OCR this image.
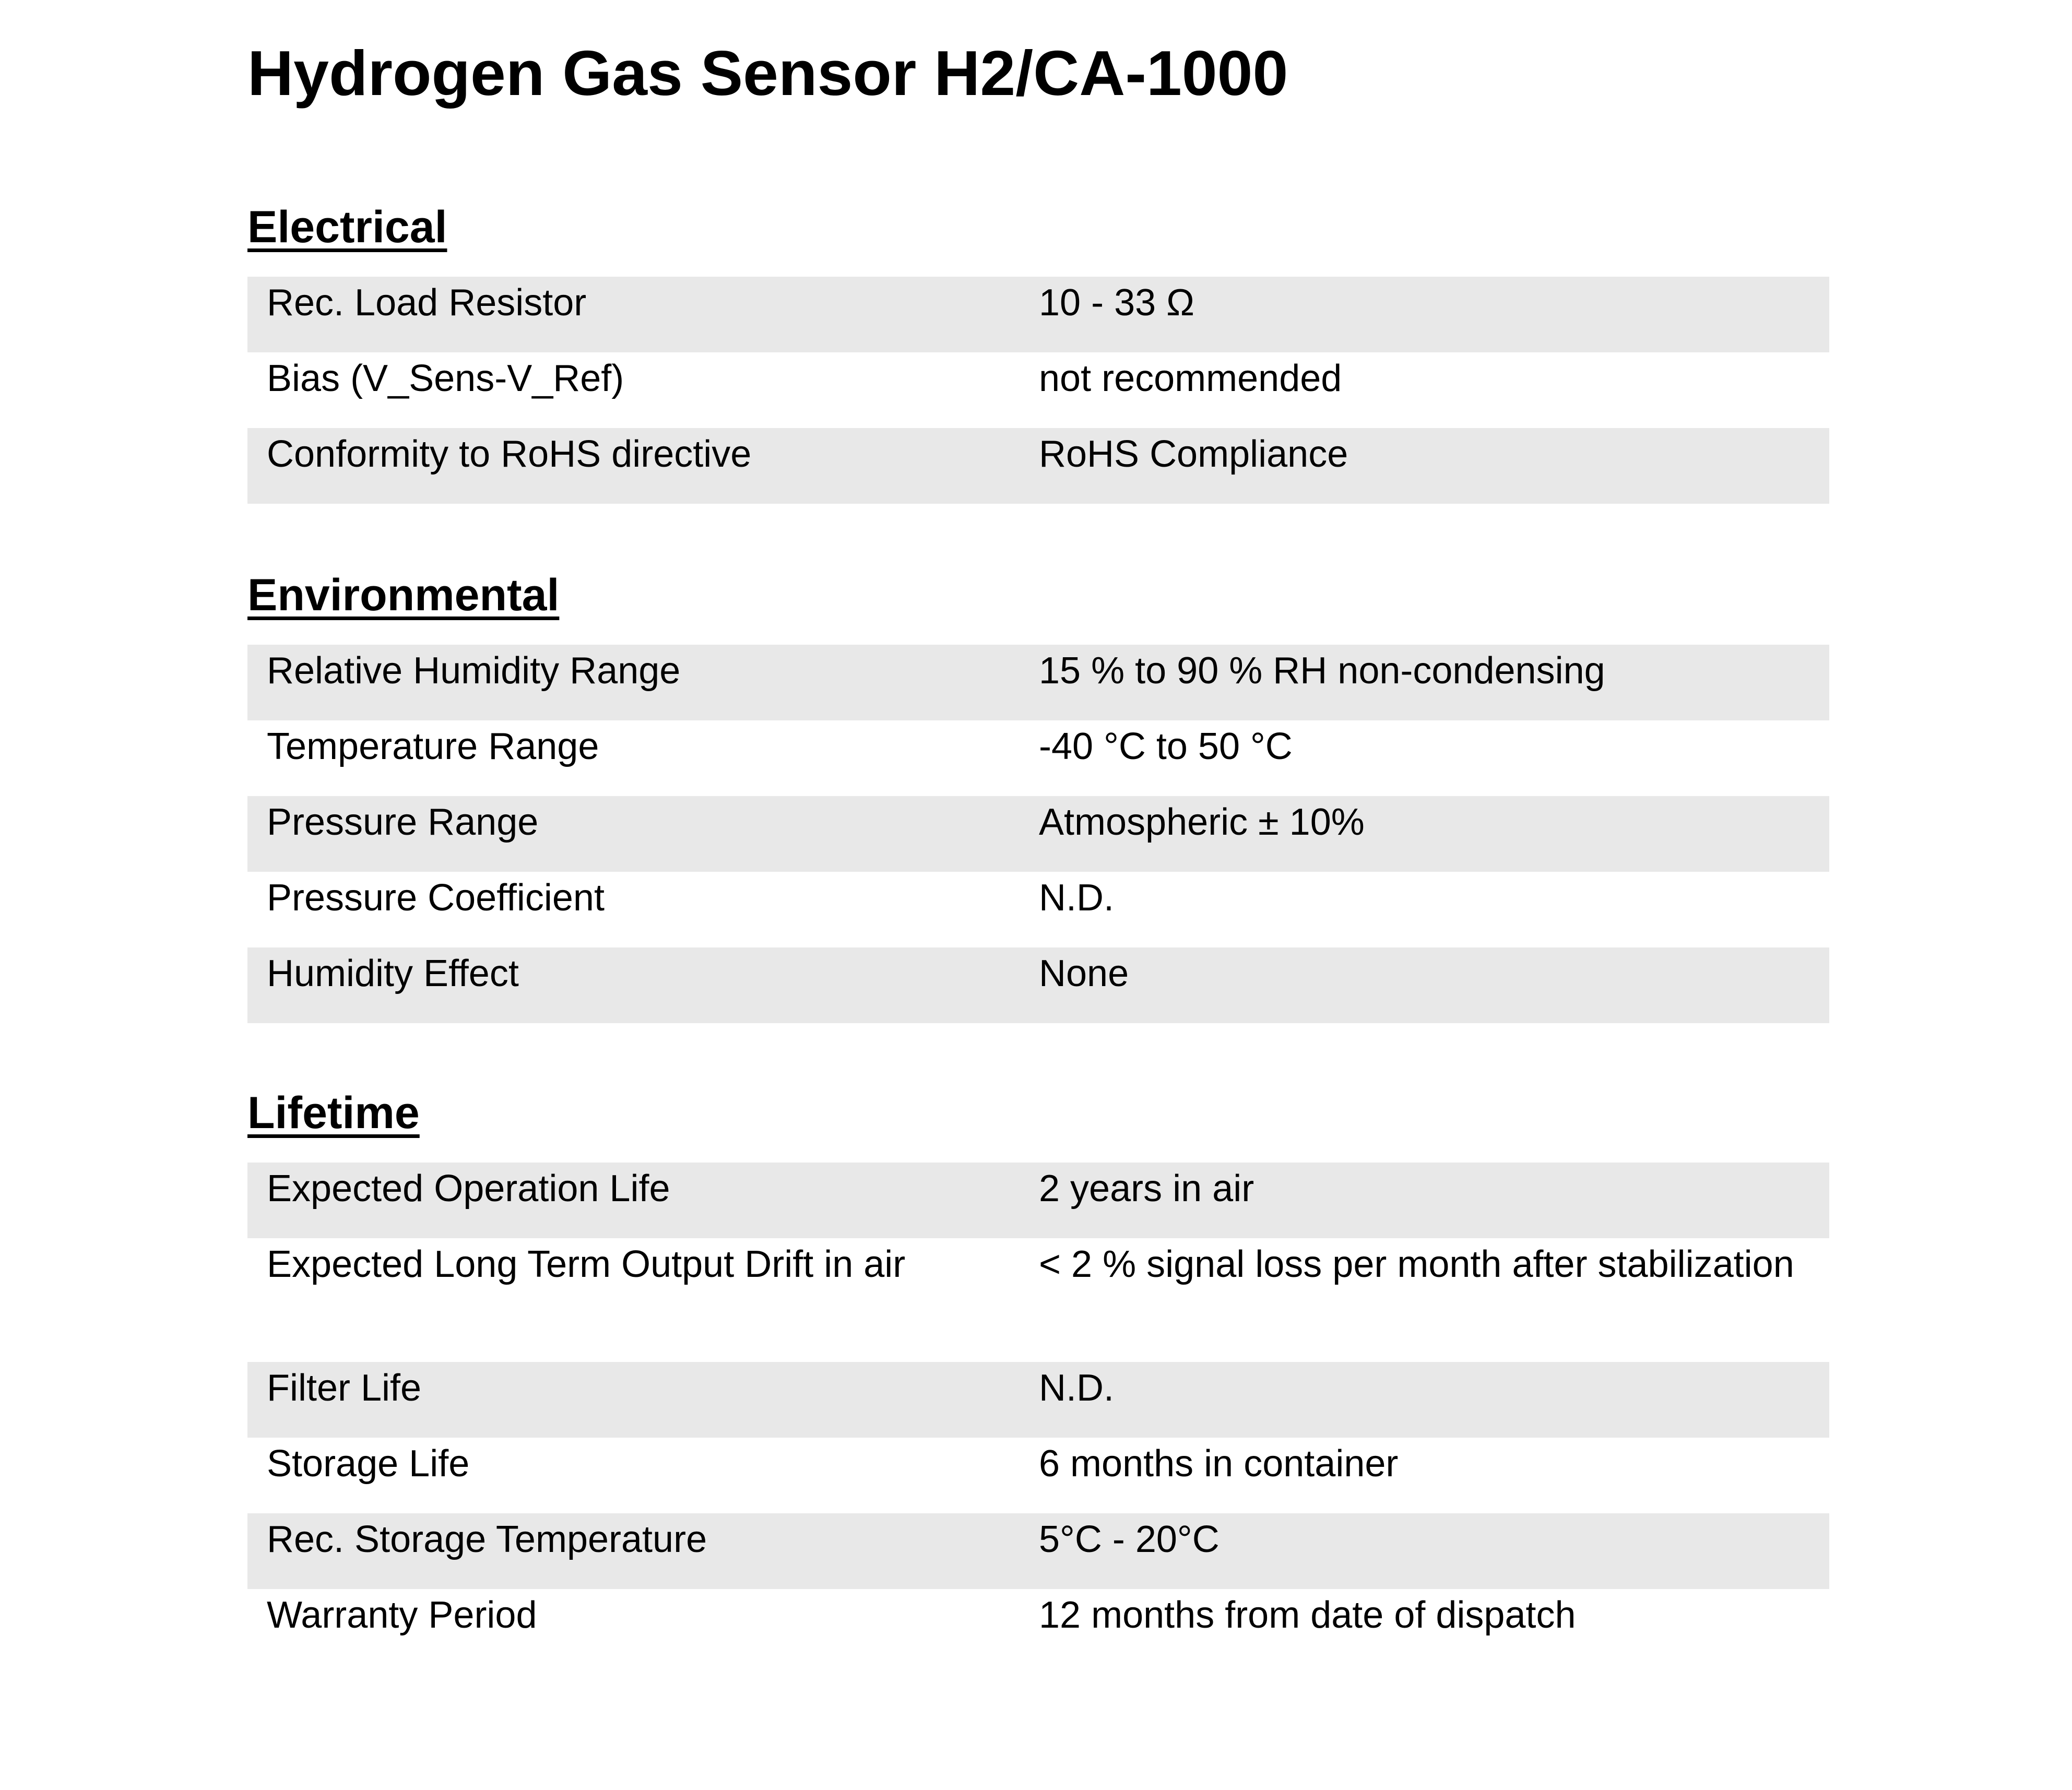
Hydrogen Gas Sensor H2/CA-1000
Electrical
Rec. Load Resistor	10 - 33 Ω
Bias (V_Sens-V_Ref)	not recommended
Conformity to RoHS directive	RoHS Compliance
Environmental
Relative Humidity Range	15 % to 90 % RH non-condensing
Temperature Range	-40 °C to 50 °C
Pressure Range	Atmospheric ± 10%
Pressure Coefficient	N.D.
Humidity Effect	None
Lifetime
Expected Operation Life	2 years in air
Expected Long Term Output Drift in air	< 2 % signal loss per month after stabilization
Filter Life	N.D.
Storage Life	6 months in container
Rec. Storage Temperature	5°C - 20°C
Warranty Period	12 months from date of dispatch
